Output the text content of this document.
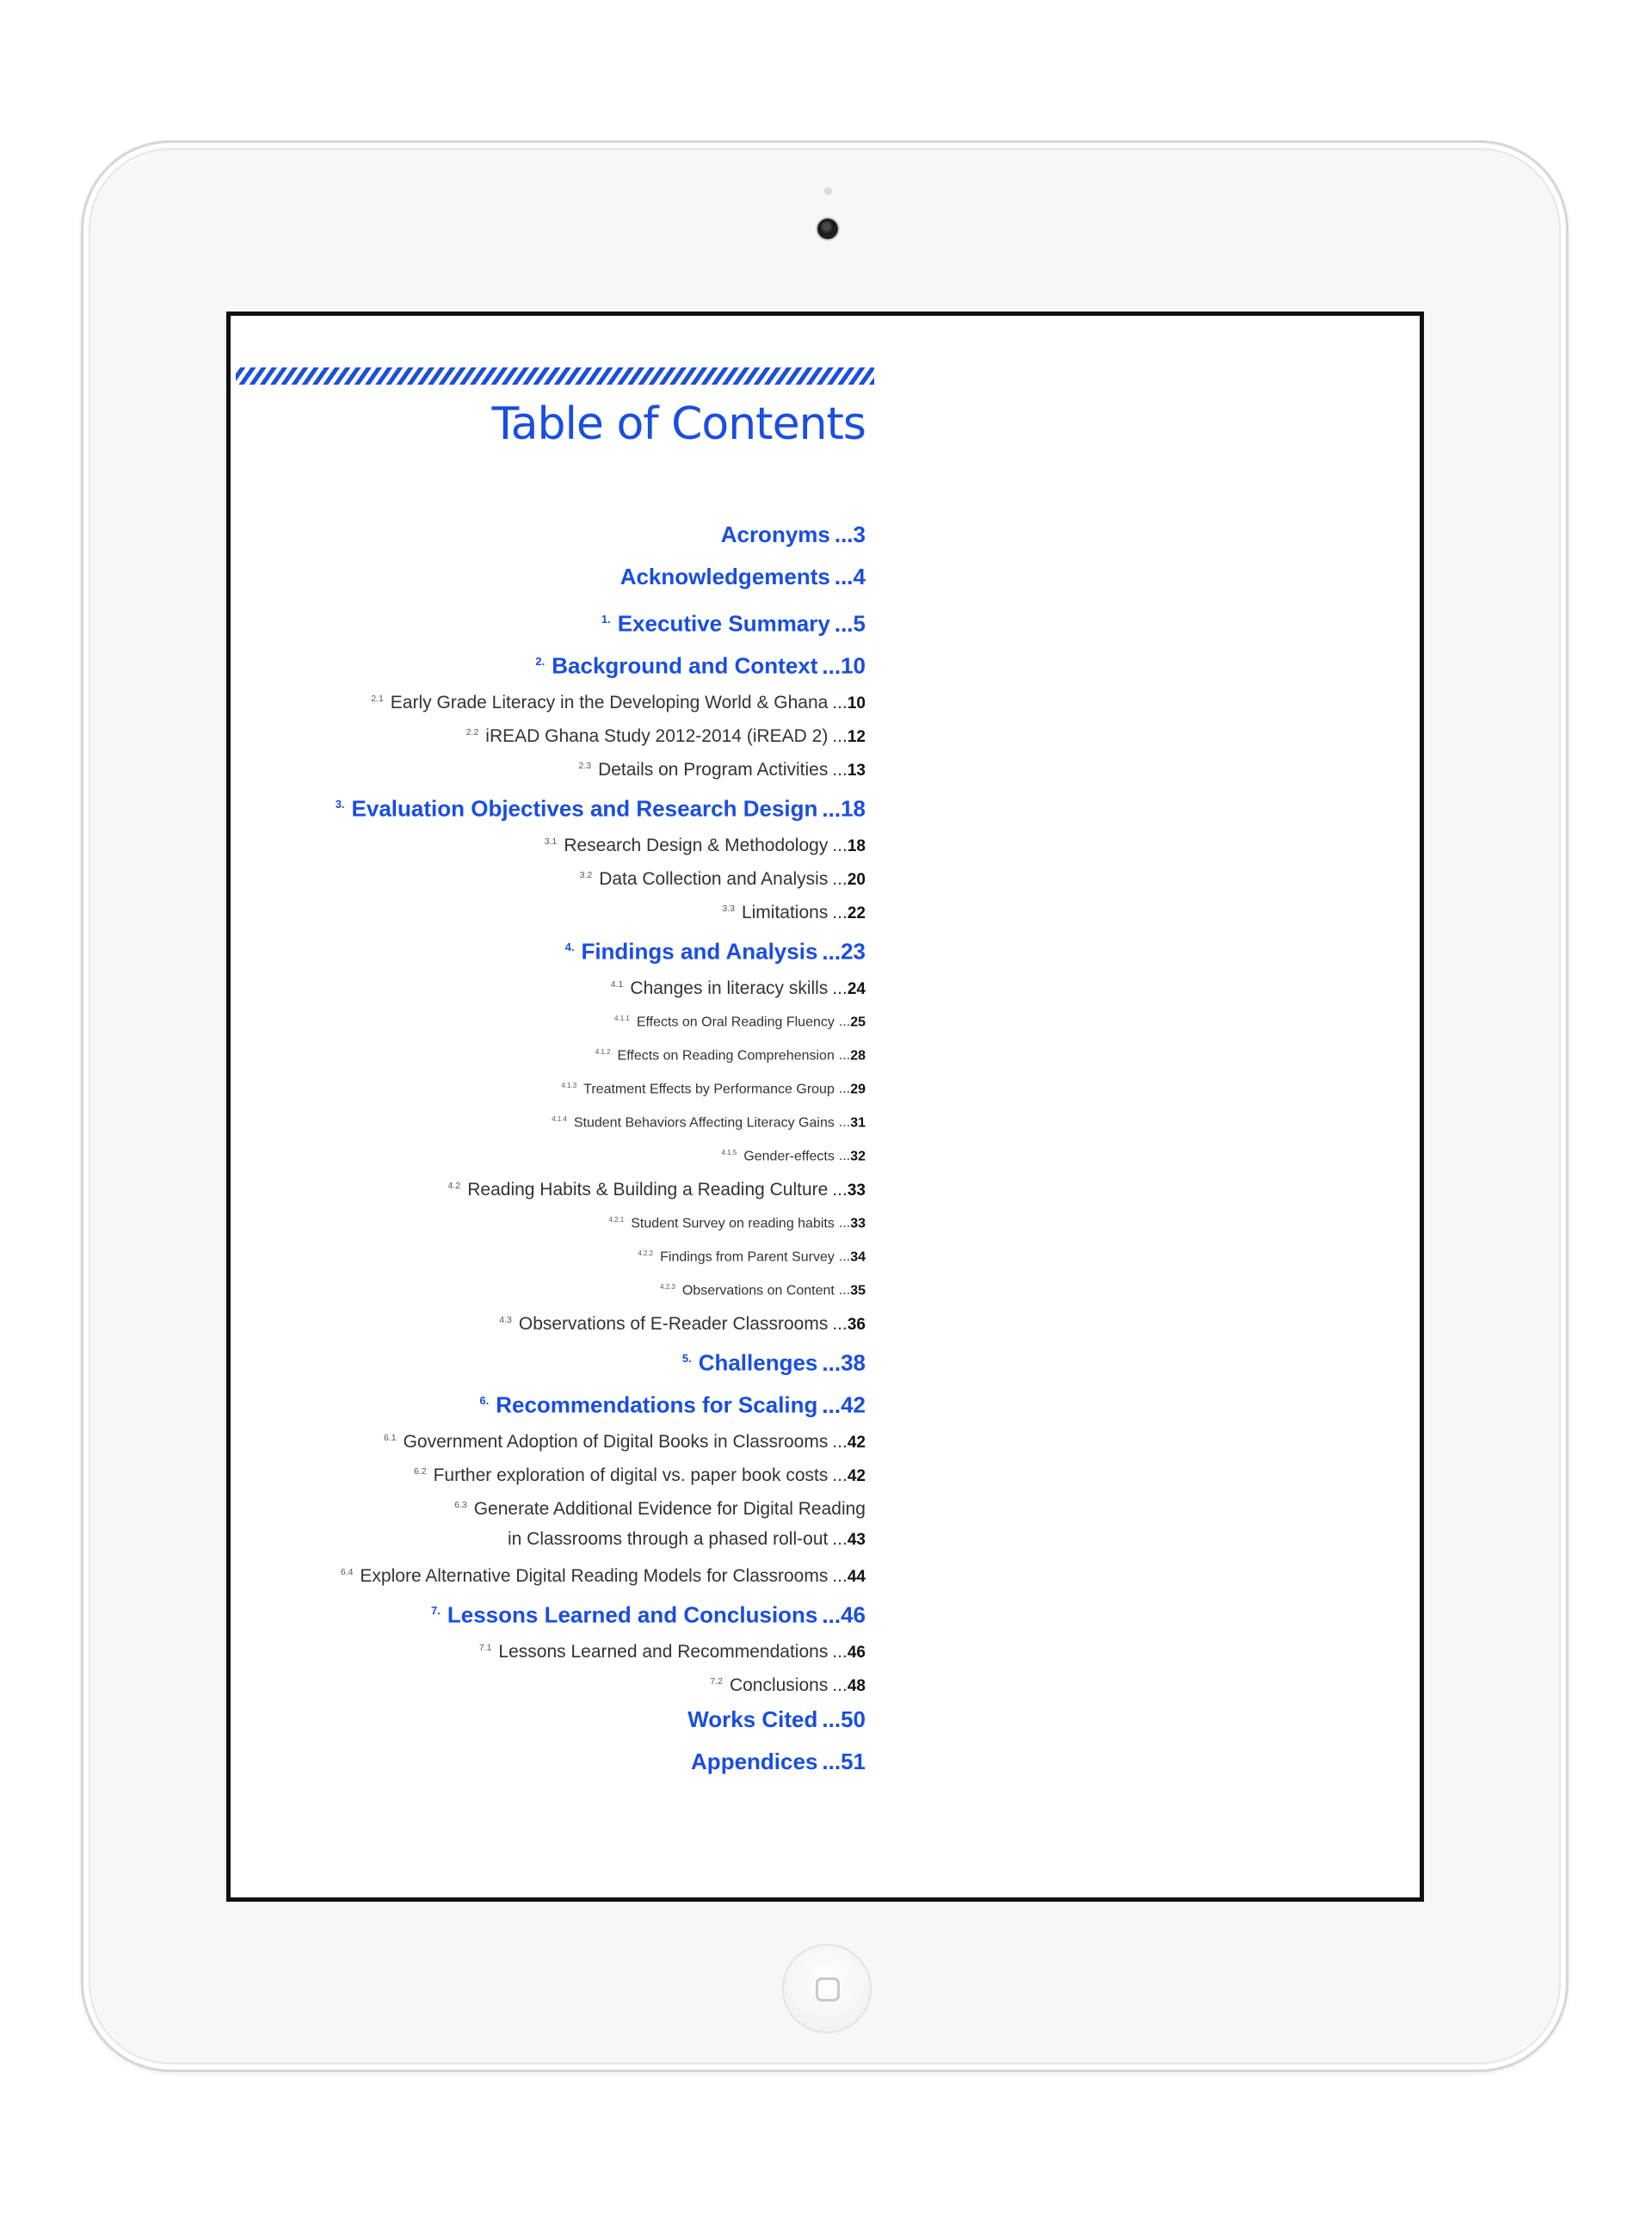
Table of Contents
Acronyms ...3
Acknowledgements ...4
$^{1.}$ Executive Summary ...5
$^{2.}$ Background and Context ...10
$^{2.1}$ Early Grade Literacy in the Developing World & Ghana ...10
$^{2.2}$ iREAD Ghana Study 2012-2014 (iREAD 2) ...12
$^{2.3}$ Details on Program Activities ...13
$^{3.}$ Evaluation Objectives and Research Design ...18
$^{3.1}$ Research Design & Methodology ...18
$^{3.2}$ Data Collection and Analysis ...20
$^{3.3}$ Limitations ...22
$^{4.}$ Findings and Analysis ...23
$^{4.1}$ Changes in literacy skills ...24
$^{4.1.1}$ Effects on Oral Reading Fluency ...25
$^{4.1.2}$ Effects on Reading Comprehension ...28
$^{4.1.3}$ Treatment Effects by Performance Group ...29
$^{4.1.4}$ Student Behaviors Affecting Literacy Gains ...31
$^{4.1.5}$ Gender-effects ...32
$^{4.2}$ Reading Habits & Building a Reading Culture ...33
$^{4.2.1}$ Student Survey on reading habits ...33
$^{4.2.2}$ Findings from Parent Survey ...34
$^{4.2.3}$ Observations on Content ...35
$^{4.3}$ Observations of E-Reader Classrooms ...36
$^{5.}$ Challenges ...38
$^{6.}$ Recommendations for Scaling ...42
$^{6.1}$ Government Adoption of Digital Books in Classrooms ...42
$^{6.2}$ Further exploration of digital vs. paper book costs ...42
$^{6.3}$ Generate Additional Evidence for Digital Reading
in Classrooms through a phased roll-out ...43
$^{6.4}$ Explore Alternative Digital Reading Models for Classrooms ...44
$^{7.}$ Lessons Learned and Conclusions ...46
$^{7.1}$ Lessons Learned and Recommendations ...46
$^{7.2}$ Conclusions ...48
Works Cited ...50
Appendices ...51
